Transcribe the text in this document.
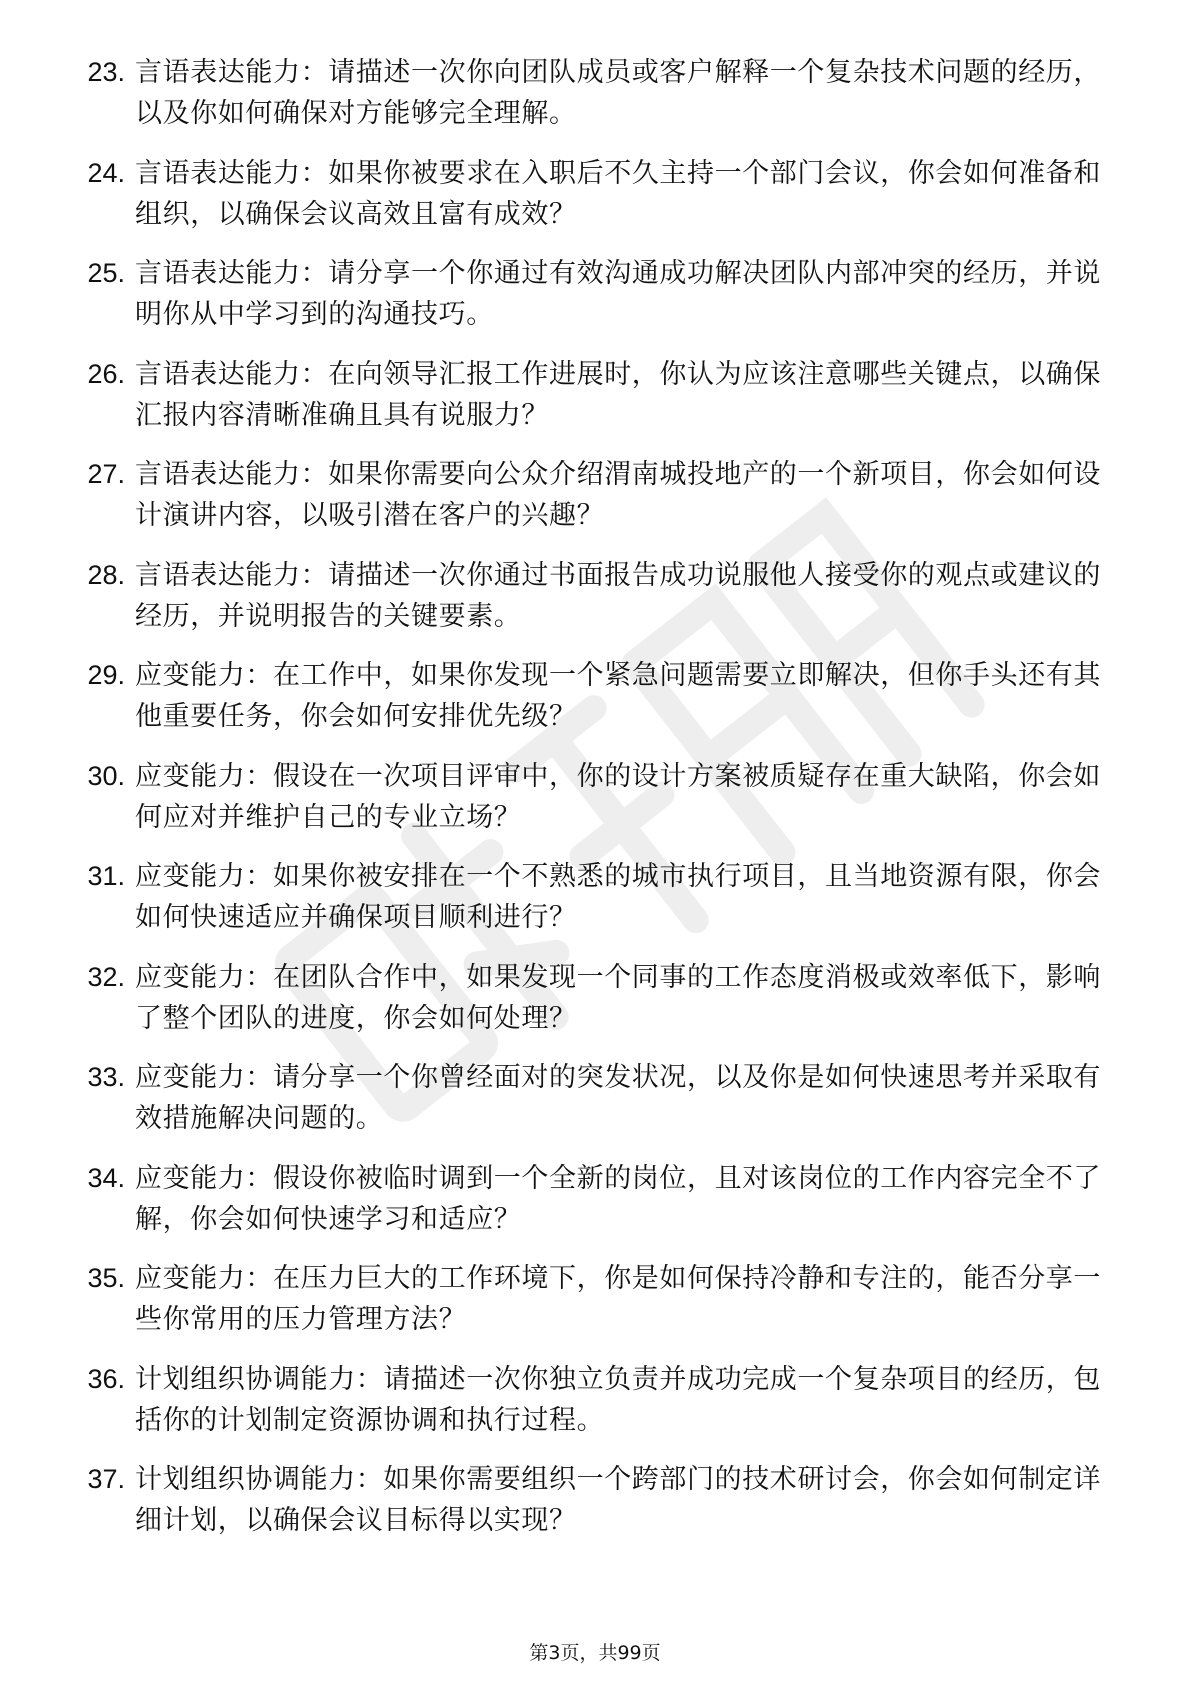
23. 言语表达能力：请描述一次你向团队成员或客户解释一个复杂技术问题的经历，以及你如何确保对方能够完全理解。
24. 言语表达能力：如果你被要求在入职后不久主持一个部门会议，你会如何准备和组织，以确保会议高效且富有成效？
25. 言语表达能力：请分享一个你通过有效沟通成功解决团队内部冲突的经历，并说明你从中学习到的沟通技巧。
26. 言语表达能力：在向领导汇报工作进展时，你认为应该注意哪些关键点，以确保汇报内容清晰准确且具有说服力？
27. 言语表达能力：如果你需要向公众介绍渭南城投地产的一个新项目，你会如何设计演讲内容，以吸引潜在客户的兴趣？
28. 言语表达能力：请描述一次你通过书面报告成功说服他人接受你的观点或建议的经历，并说明报告的关键要素。
29. 应变能力：在工作中，如果你发现一个紧急问题需要立即解决，但你手头还有其他重要任务，你会如何安排优先级？
30. 应变能力：假设在一次项目评审中，你的设计方案被质疑存在重大缺陷，你会如何应对并维护自己的专业立场？
31. 应变能力：如果你被安排在一个不熟悉的城市执行项目，且当地资源有限，你会如何快速适应并确保项目顺利进行？
32. 应变能力：在团队合作中，如果发现一个同事的工作态度消极或效率低下，影响了整个团队的进度，你会如何处理？
33. 应变能力：请分享一个你曾经面对的突发状况，以及你是如何快速思考并采取有效措施解决问题的。
34. 应变能力：假设你被临时调到一个全新的岗位，且对该岗位的工作内容完全不了解，你会如何快速学习和适应？
35. 应变能力：在压力巨大的工作环境下，你是如何保持冷静和专注的，能否分享一些你常用的压力管理方法？
36. 计划组织协调能力：请描述一次你独立负责并成功完成一个复杂项目的经历，包括你的计划制定资源协调和执行过程。
37. 计划组织协调能力：如果你需要组织一个跨部门的技术研讨会，你会如何制定详细计划，以确保会议目标得以实现？
第3页，共99页
